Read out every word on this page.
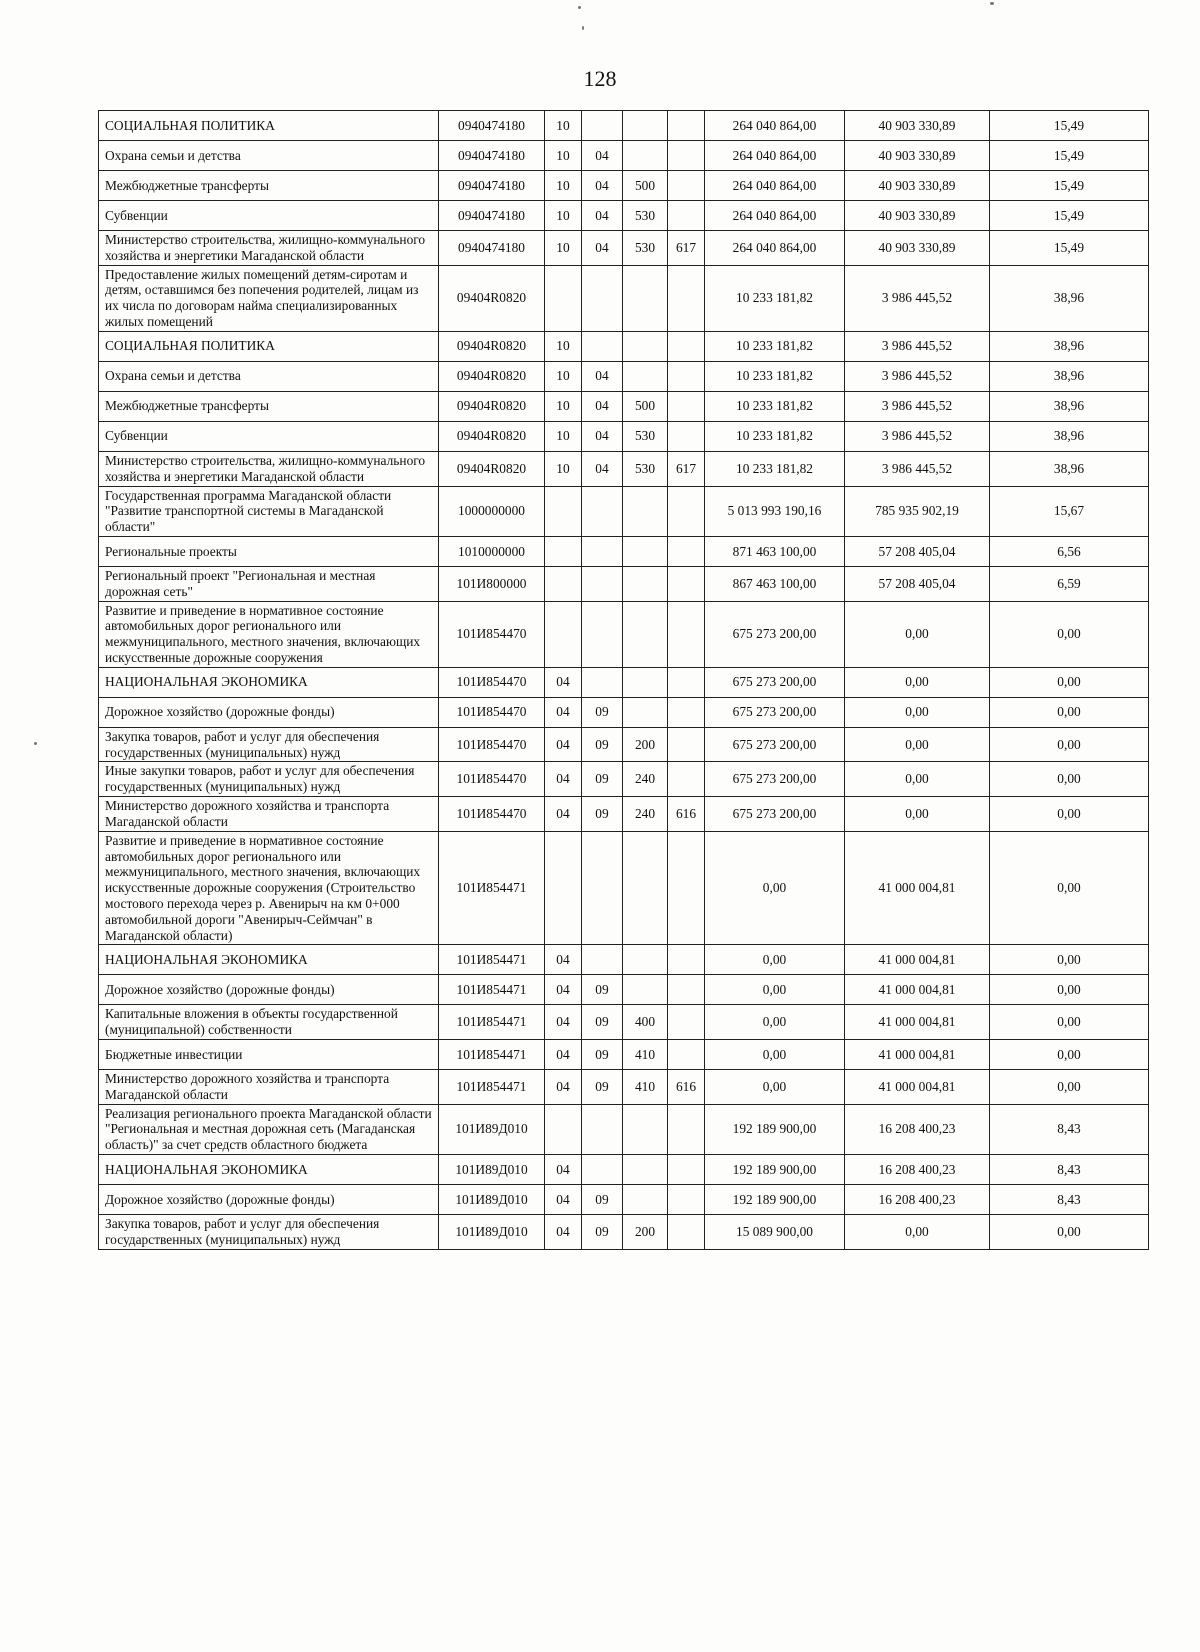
128
СОЦИАЛЬНАЯ ПОЛИТИКА	0940474180	10				264 040 864,00	40 903 330,89	15,49
Охрана семьи и детства	0940474180	10	04			264 040 864,00	40 903 330,89	15,49
Межбюджетные трансферты	0940474180	10	04	500		264 040 864,00	40 903 330,89	15,49
Субвенции	0940474180	10	04	530		264 040 864,00	40 903 330,89	15,49
Министерство строительства, жилищно-коммунального хозяйства и энергетики Магаданской области	0940474180	10	04	530	617	264 040 864,00	40 903 330,89	15,49
Предоставление жилых помещений детям-сиротам и детям, оставшимся без попечения родителей, лицам из их числа по договорам найма специализированных жилых помещений	09404R0820					10 233 181,82	3 986 445,52	38,96
СОЦИАЛЬНАЯ ПОЛИТИКА	09404R0820	10				10 233 181,82	3 986 445,52	38,96
Охрана семьи и детства	09404R0820	10	04			10 233 181,82	3 986 445,52	38,96
Межбюджетные трансферты	09404R0820	10	04	500		10 233 181,82	3 986 445,52	38,96
Субвенции	09404R0820	10	04	530		10 233 181,82	3 986 445,52	38,96
Министерство строительства, жилищно-коммунального хозяйства и энергетики Магаданской области	09404R0820	10	04	530	617	10 233 181,82	3 986 445,52	38,96
Государственная программа Магаданской области "Развитие транспортной системы в Магаданской области"	1000000000					5 013 993 190,16	785 935 902,19	15,67
Региональные проекты	1010000000					871 463 100,00	57 208 405,04	6,56
Региональный проект "Региональная и местная дорожная сеть"	101И800000					867 463 100,00	57 208 405,04	6,59
Развитие и приведение в нормативное состояние автомобильных дорог регионального или межмуниципального, местного значения, включающих искусственные дорожные сооружения	101И854470					675 273 200,00	0,00	0,00
НАЦИОНАЛЬНАЯ ЭКОНОМИКА	101И854470	04				675 273 200,00	0,00	0,00
Дорожное хозяйство (дорожные фонды)	101И854470	04	09			675 273 200,00	0,00	0,00
Закупка товаров, работ и услуг для обеспечения государственных (муниципальных) нужд	101И854470	04	09	200		675 273 200,00	0,00	0,00
Иные закупки товаров, работ и услуг для обеспечения государственных (муниципальных) нужд	101И854470	04	09	240		675 273 200,00	0,00	0,00
Министерство дорожного хозяйства и транспорта Магаданской области	101И854470	04	09	240	616	675 273 200,00	0,00	0,00
Развитие и приведение в нормативное состояние автомобильных дорог регионального или межмуниципального, местного значения, включающих искусственные дорожные сооружения (Строительство мостового перехода через р. Авенирыч на км 0+000 автомобильной дороги "Авенирыч-Сеймчан" в Магаданской области)	101И854471					0,00	41 000 004,81	0,00
НАЦИОНАЛЬНАЯ ЭКОНОМИКА	101И854471	04				0,00	41 000 004,81	0,00
Дорожное хозяйство (дорожные фонды)	101И854471	04	09			0,00	41 000 004,81	0,00
Капитальные вложения в объекты государственной (муниципальной) собственности	101И854471	04	09	400		0,00	41 000 004,81	0,00
Бюджетные инвестиции	101И854471	04	09	410		0,00	41 000 004,81	0,00
Министерство дорожного хозяйства и транспорта Магаданской области	101И854471	04	09	410	616	0,00	41 000 004,81	0,00
Реализация регионального проекта Магаданской области "Региональная и местная дорожная сеть (Магаданская область)" за счет средств областного бюджета	101И89Д010					192 189 900,00	16 208 400,23	8,43
НАЦИОНАЛЬНАЯ ЭКОНОМИКА	101И89Д010	04				192 189 900,00	16 208 400,23	8,43
Дорожное хозяйство (дорожные фонды)	101И89Д010	04	09			192 189 900,00	16 208 400,23	8,43
Закупка товаров, работ и услуг для обеспечения государственных (муниципальных) нужд	101И89Д010	04	09	200		15 089 900,00	0,00	0,00
